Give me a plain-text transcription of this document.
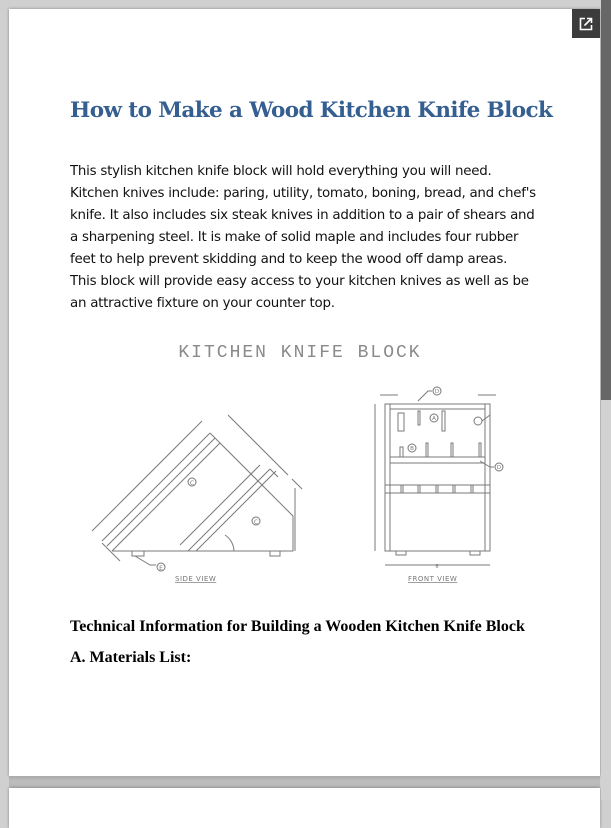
How to Make a Wood Kitchen Knife Block
This stylish kitchen knife block will hold everything you will need.
Kitchen knives include: paring, utility, tomato, boning, bread, and chef's
knife. It also includes six steak knives in addition to a pair of shears and
a sharpening steel. It is make of solid maple and includes four rubber
feet to help prevent skidding and to keep the wood off damp areas.
This block will provide easy access to your kitchen knives as well as be
an attractive fixture on your counter top.
KITCHEN KNIFE BLOCK
C
C
E
SIDE VIEW
D
A
B
D
6
FRONT VIEW
Technical Information for Building a Wooden Kitchen Knife Block
A. Materials List:
